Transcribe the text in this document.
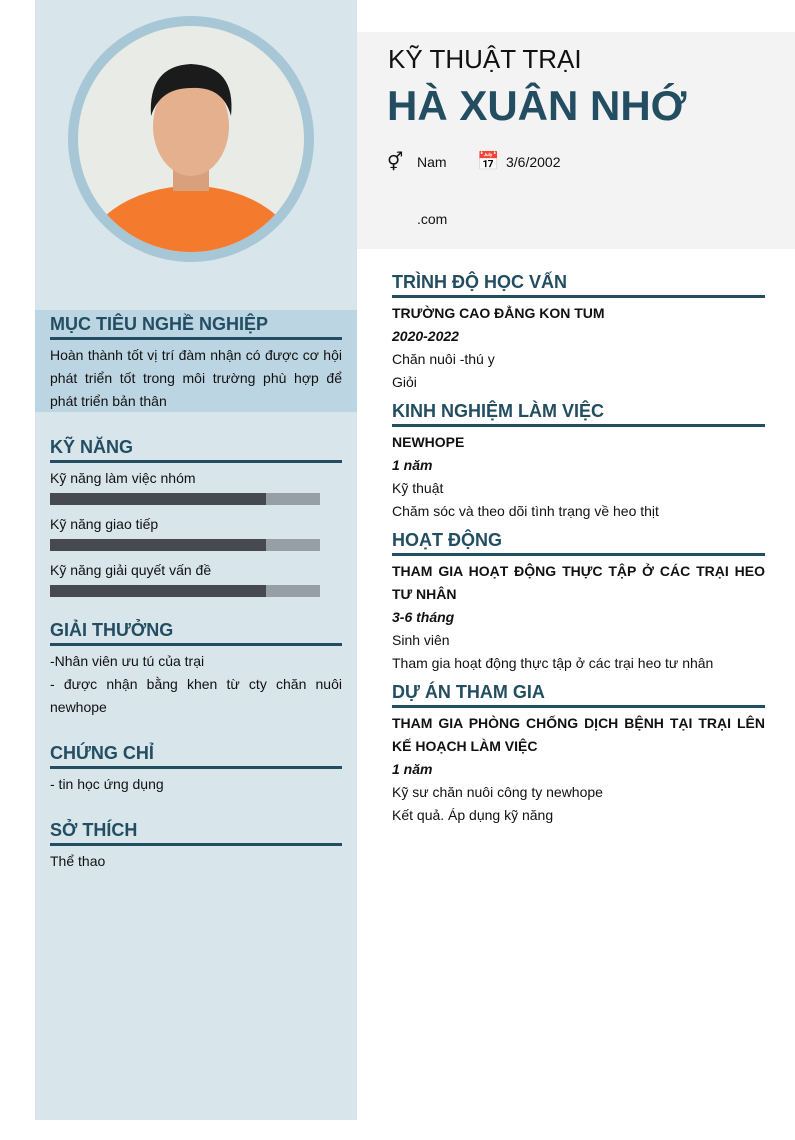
MỤC TIÊU NGHỀ NGHIỆP
Hoàn thành tốt vị trí đàm nhận có được cơ hội phát triển tốt trong môi trường phù hợp để phát triển bản thân
KỸ NĂNG
Kỹ năng làm việc nhóm
Kỹ năng giao tiếp
Kỹ năng giải quyết vấn đề
GIẢI THƯỞNG
-Nhân viên ưu tú của trại
- được nhận bằng khen từ cty chăn nuôi newhope
CHỨNG CHỈ
- tin học ứng dụng
SỞ THÍCH
Thể thao
KỸ THUẬT TRẠI
HÀ XUÂN NHỚ
⚥ Nam 📅 3/6/2002
.com
TRÌNH ĐỘ HỌC VẤN
TRƯỜNG CAO ĐẲNG KON TUM
2020-2022
Chăn nuôi -thú y
Giỏi
KINH NGHIỆM LÀM VIỆC
NEWHOPE
1 năm
Kỹ thuật
Chăm sóc và theo dõi tình trạng về heo thịt
HOẠT ĐỘNG
THAM GIA HOẠT ĐỘNG THỰC TẬP Ở CÁC TRẠI HEO TƯ NHÂN
3-6 tháng
Sinh viên
Tham gia hoạt động thực tập ở các trại heo tư nhân
DỰ ÁN THAM GIA
THAM GIA PHÒNG CHỐNG DỊCH BỆNH TẠI TRẠI LÊN KẾ HOẠCH LÀM VIỆC
1 năm
Kỹ sư chăn nuôi công ty newhope
Kết quả. Áp dụng kỹ năng
